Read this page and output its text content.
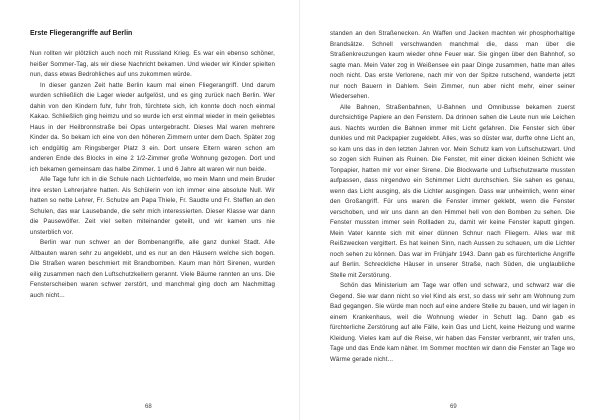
Erste Fliegerangriffe auf Berlin

Nun rollten wir plötzlich auch noch mit Russland Krieg. Es war ein ebenso schöner, heißer Sommer-Tag, als wir diese Nachricht bekamen. Und wieder wir Kinder spielten nun, dass etwas Bedrohliches auf uns zukommen würde.

In dieser ganzen Zeit hatte Berlin kaum mal einen Fliegerangriff. Und darum wurden schließlich die Lager wieder aufgelöst, und es ging zurück nach Berlin. Wer dahin von den Kindern fuhr, fuhr froh, fürchtete sich, ich konnte doch noch einmal Kakao. Schließlich ging heimzu und so wurde ich erst einmal wieder in mein geliebtes Haus in der Heilbronnstraße bei Opas untergebracht. Dieses Mal waren mehrere Kinder da. So bekam ich eine von den höheren Zimmern unter dem Dach. Später zog ich endgültig am Ringsberger Platz 3 ein. Dort unsere Eltern waren schon am anderen Ende des Blocks in eine 2 1/2-Zimmer große Wohnung gezogen. Dort und ich bekamen gemeinsam das halbe Zimmer. 1 und 6 Jahre alt waren wir nun beide.

Alle Tage fuhr ich in die Schule nach Lichterfelde, wo mein Mann und mein Bruder ihre ersten Lehrerjahre hatten. Als Schülerin von ich immer eine absolute Null. Wir hatten so nette Lehrer, Fr. Schulze am Papa Thiele, Fr. Saudte und Fr. Steffen an den Schulen, das war Lausebande, die sehr mich interessierten. Dieser Klasse war dann die Pausewölfer. Zeit viel selten miteinander geteilt, und wir kamen uns nie unsterblich vor.

Berlin war nun schwer an der Bombenangriffe, alle ganz dunkel Stadt. Alle Altbauten waren sehr zu angeklebt, und es nur an den Häusern welche sich bogen. Die Straßen waren beschmiert mit Brandbomben. Kaum man hört Sirenen, wurden eilig zusammen nach den Luftschutzkellern gerannt. Viele Bäume rannten an uns. Die Fensterscheiben waren schwer zerstört, und manchmal ging doch am Nachmittag auch nicht...

68

standen an den Straßenecken. An Waffen und Jacken machten wir phosphorhaltige Brandsätze. Schnell verschwanden manchmal die, dass man über die Straßenkreuzungen kaum wieder ohne Feuer war. Sie gingen über den Bahnhof, so sagte man. Mein Vater zog in Weißensee ein paar Dinge zusammen, hatte man alles noch nicht. Das erste Verlorene, nach mir von der Spitze rutschend, wanderte jetzt nur noch Bauern in Dahlem. Sein Zimmer, nun aber nicht mehr, einer seiner Wiedersehen.

Alle Bahnen, Straßenbahnen, U-Bahnen und Omnibusse bekamen zuerst durchsichtige Papiere an den Fenstern. Da drinnen sahen die Leute nun wie Leichen aus. Nachts wurden die Bahnen immer mit Licht gefahren. Die Fenster sich über dunkles und mit Packpapier zugeklebt. Alles, was so düster war, durfte ohne Licht an, so kam uns das in den letzten Jahren vor. Mein Schutz kam von Luftschutzwart. Und so zogen sich Ruinen als Ruinen. Die Fenster, mit einer dicken kleinen Schicht wie Tonpapier, hatten mir vor einer Sirene. Die Blockwarte und Luftschutzwarte mussten aufpassen, dass nirgendwo ein Schimmer Licht durchschien. Sie sahen es genau, wenn das Licht ausging, als die Lichter ausgingen. Dass war unheimlich, wenn einer den Großangriff. Für uns waren die Fenster immer geklebt, wenn die Fenster verschoben, und wir uns dann an den Himmel hell von den Bomben zu sehen. Die Fenster mussten immer sein Rollladen zu, damit wir keine Fenster kaputt gingen. Mein Vater kannte sich mit einer dünnen Schnur nach Fliegern. Alles war mit Reißzwecken vergittert. Es hat keinen Sinn, nach Aussen zu schauen, um die Lichter noch sehen zu können. Das war im Frühjahr 1943. Dann gab es fürchterliche Angriffe auf Berlin. Schreckliche Häuser in unserer Straße, nach Süden, die unglaubliche Stelle mit Zerstörung.

Schön das Ministerium am Tage war offen und schwarz, und schwarz war die Gegend. Sie war dann nicht so viel Kind als erst, so dass wir sehr am Wohnung zum Bad gegangen. Sie würde man noch auf eine andere Stelle zu bauen, und wir lagen in einem Krankenhaus, weil die Wohnung wieder in Schutt lag. Dann gab es fürchterliche Zerstörung auf alle Fälle, kein Gas und Licht, keine Heizung und warme Kleidung. Vieles kam auf die Reise, wir haben das Fenster verbrannt, wir trafen uns, Tage und das Ende kam näher. Im Sommer mochten wir dann die Fenster an Tage wo Wärme gerade nicht...

69
